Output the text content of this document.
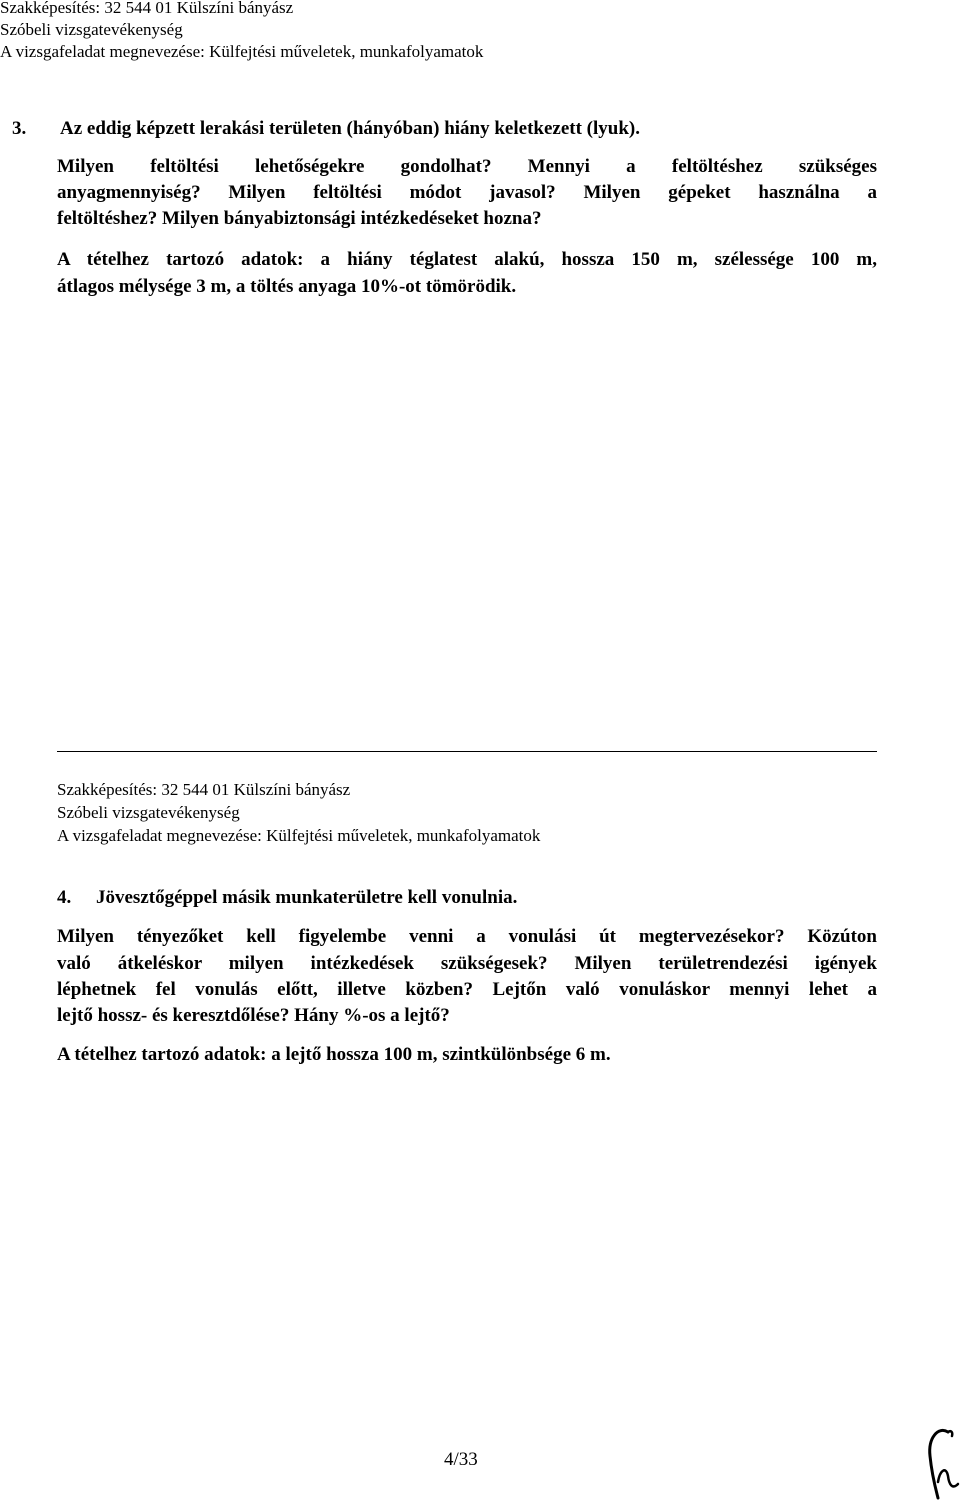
Szakképesítés: 32 544 01 Külszíni bányász
Szóbeli vizsgatevékenység
A vizsgafeladat megnevezése: Külfejtési műveletek, munkafolyamatok
3. Az eddig képzett lerakási területen (hányóban) hiány keletkezett (lyuk).
Milyen feltöltési lehetőségekre gondolhat? Mennyi a feltöltéshez szükséges
anyagmennyiség? Milyen feltöltési módot javasol? Milyen gépeket használna a
feltöltéshez? Milyen bányabiztonsági intézkedéseket hozna?
A tételhez tartozó adatok: a hiány téglatest alakú, hossza 150 m, szélessége 100 m,
átlagos mélysége 3 m, a töltés anyaga 10%-ot tömörödik.
Szakképesítés: 32 544 01 Külszíni bányász
Szóbeli vizsgatevékenység
A vizsgafeladat megnevezése: Külfejtési műveletek, munkafolyamatok
4. Jövesztőgéppel másik munkaterületre kell vonulnia.
Milyen tényezőket kell figyelembe venni a vonulási út megtervezésekor? Közúton
való átkeléskor milyen intézkedések szükségesek? Milyen területrendezési igények
léphetnek fel vonulás előtt, illetve közben? Lejtőn való vonuláskor mennyi lehet a
lejtő hossz- és keresztdőlése? Hány %-os a lejtő?
A tételhez tartozó adatok: a lejtő hossza 100 m, szintkülönbsége 6 m.
4/33
